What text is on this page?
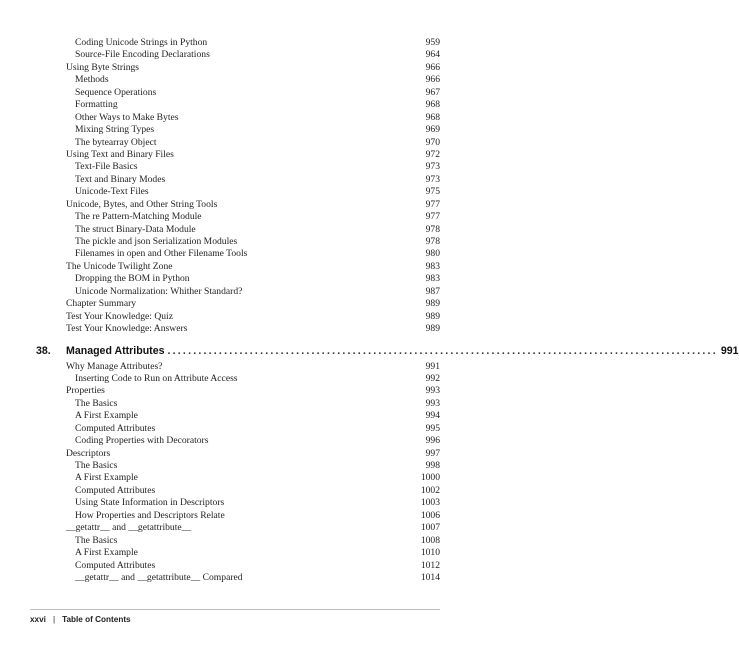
Coding Unicode Strings in Python	959
Source-File Encoding Declarations	964
Using Byte Strings	966
Methods	966
Sequence Operations	967
Formatting	968
Other Ways to Make Bytes	968
Mixing String Types	969
The bytearray Object	970
Using Text and Binary Files	972
Text-File Basics	973
Text and Binary Modes	973
Unicode-Text Files	975
Unicode, Bytes, and Other String Tools	977
The re Pattern-Matching Module	977
The struct Binary-Data Module	978
The pickle and json Serialization Modules	978
Filenames in open and Other Filename Tools	980
The Unicode Twilight Zone	983
Dropping the BOM in Python	983
Unicode Normalization: Whither Standard?	987
Chapter Summary	989
Test Your Knowledge: Quiz	989
Test Your Knowledge: Answers	989
38. Managed Attributes ........................................................................................................... 991
Why Manage Attributes?	991
Inserting Code to Run on Attribute Access	992
Properties	993
The Basics	993
A First Example	994
Computed Attributes	995
Coding Properties with Decorators	996
Descriptors	997
The Basics	998
A First Example	1000
Computed Attributes	1002
Using State Information in Descriptors	1003
How Properties and Descriptors Relate	1006
__getattr__ and __getattribute__	1007
The Basics	1008
A First Example	1010
Computed Attributes	1012
__getattr__ and __getattribute__ Compared	1014
xxvi | Table of Contents
